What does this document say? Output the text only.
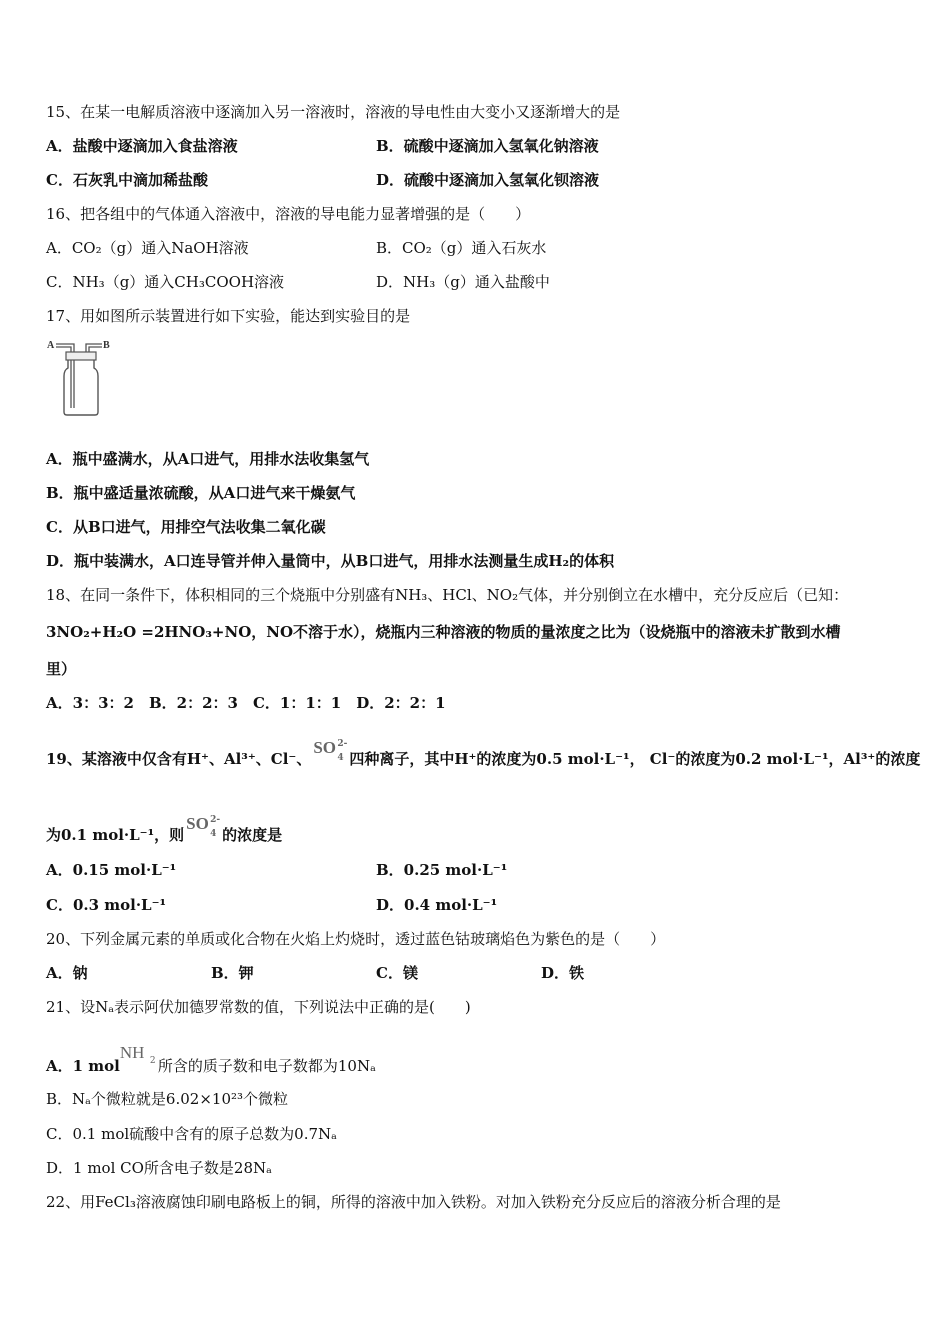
15、在某一电解质溶液中逐滴加入另一溶液时，溶液的导电性由大变小又逐渐增大的是
A．盐酸中逐滴加入食盐溶液	B．硫酸中逐滴加入氢氧化钠溶液
C．石灰乳中滴加稀盐酸	D．硫酸中逐滴加入氢氧化钡溶液
16、把各组中的气体通入溶液中，溶液的导电能力显著增强的是（　　）
A．CO₂（g）通入NaOH溶液	B．CO₂（g）通入石灰水
C．NH₃（g）通入CH₃COOH溶液	D．NH₃（g）通入盐酸中
17、用如图所示装置进行如下实验，能达到实验目的是
A	B
A．瓶中盛满水，从A口进气，用排水法收集氢气
B．瓶中盛适量浓硫酸，从A口进气来干燥氨气
C．从B口进气，用排空气法收集二氧化碳
D．瓶中装满水，A口连导管并伸入量筒中，从B口进气，用排水法测量生成H₂的体积
18、在同一条件下，体积相同的三个烧瓶中分别盛有NH₃、HCl、NO₂气体，并分别倒立在水槽中，充分反应后（已知：
3NO₂+H₂O =2HNO₃+NO，NO不溶于水），烧瓶内三种溶液的物质的量浓度之比为（设烧瓶中的溶液未扩散到水槽
里）
A．3：3：2　B．2：2：3　C．1：1：1　D．2：2：1
19、某溶液中仅含有H⁺、Al³⁺、Cl⁻、
SO 2-
4 四种离子，其中H⁺的浓度为0.5 mol·L⁻¹， Cl⁻的浓度为0.2 mol·L⁻¹，Al³⁺的浓度
为0.1 mol·L⁻¹，则
SO 2-
4 的浓度是
A．0.15 mol·L⁻¹	B．0.25 mol·L⁻¹
C．0.3 mol·L⁻¹	D．0.4 mol·L⁻¹
20、下列金属元素的单质或化合物在火焰上灼烧时，透过蓝色钴玻璃焰色为紫色的是（　　）
A．钠	B．钾	C．镁	D．铁
21、设Nₐ表示阿伏加德罗常数的值，下列说法中正确的是(　　)
A．1 mol
NH 2 所含的质子数和电子数都为10Nₐ
B．Nₐ个微粒就是6.02×10²³个微粒
C．0.1 mol硫酸中含有的原子总数为0.7Nₐ
D．1 mol CO所含电子数是28Nₐ
22、用FeCl₃溶液腐蚀印刷电路板上的铜，所得的溶液中加入铁粉。对加入铁粉充分反应后的溶液分析合理的是
